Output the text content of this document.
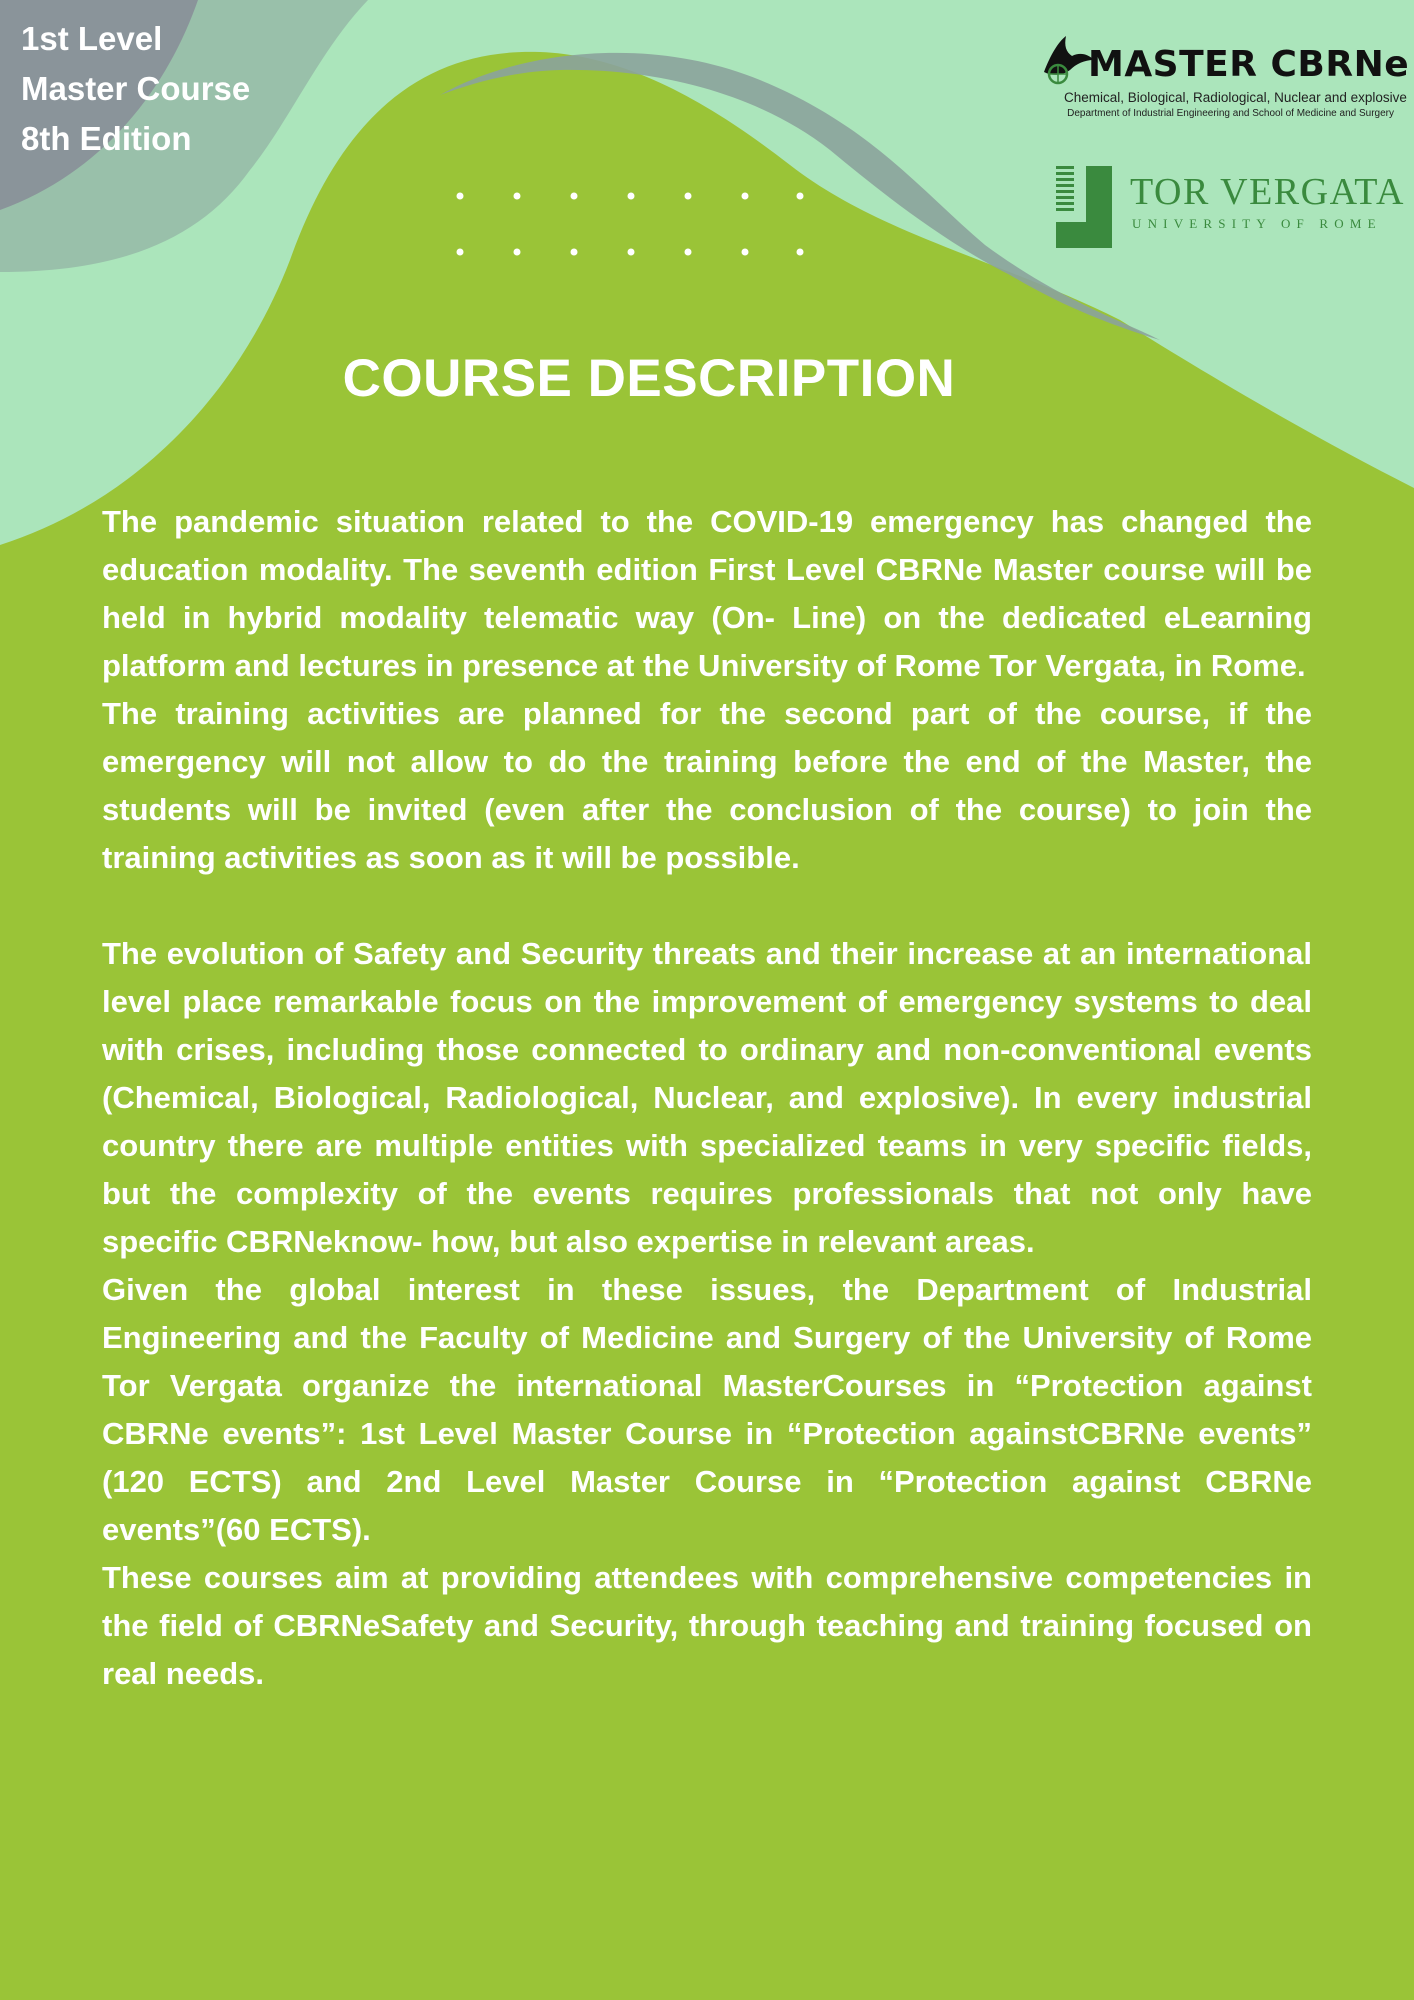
1st Level
Master Course
8th Edition
MASTER CBRNe
Chemical, Biological, Radiological, Nuclear and explosive
Department of Industrial Engineering and School of Medicine and Surgery
TOR VERGATA
UNIVERSITY OF ROME
COURSE DESCRIPTION

The pandemic situation related to the COVID-19 emergency has changed the education modality. The seventh edition First Level CBRNe Master course will be held in hybrid modality telematic way (On- Line) on the dedicated eLearning platform and lectures in presence at the University of Rome Tor Vergata, in Rome.

The training activities are planned for the second part of the course, if the emergency will not allow to do the training before the end of the Master, the students will be invited (even after the conclusion of the course) to join the training activities as soon as it will be possible.

The evolution of Safety and Security threats and their increase at an international level place remarkable focus on the improvement of emergency systems to deal with crises, including those connected to ordinary and non-conventional events (Chemical, Biological, Radiological, Nuclear, and explosive). In every industrial country there are multiple entities with specialized teams in very specific fields, but the complexity of the events requires professionals that not only have specific CBRNeknow- how, but also expertise in relevant areas.

Given the global interest in these issues, the Department of Industrial Engineering and the Faculty of Medicine and Surgery of the University of Rome Tor Vergata organize the international MasterCourses in “Protection against CBRNe events”: 1st Level Master Course in “Protection againstCBRNe events” (120 ECTS) and 2nd Level Master Course in “Protection against CBRNe events”(60 ECTS).

These courses aim at providing attendees with comprehensive competencies in the field of CBRNeSafety and Security, through teaching and training focused on real needs.
